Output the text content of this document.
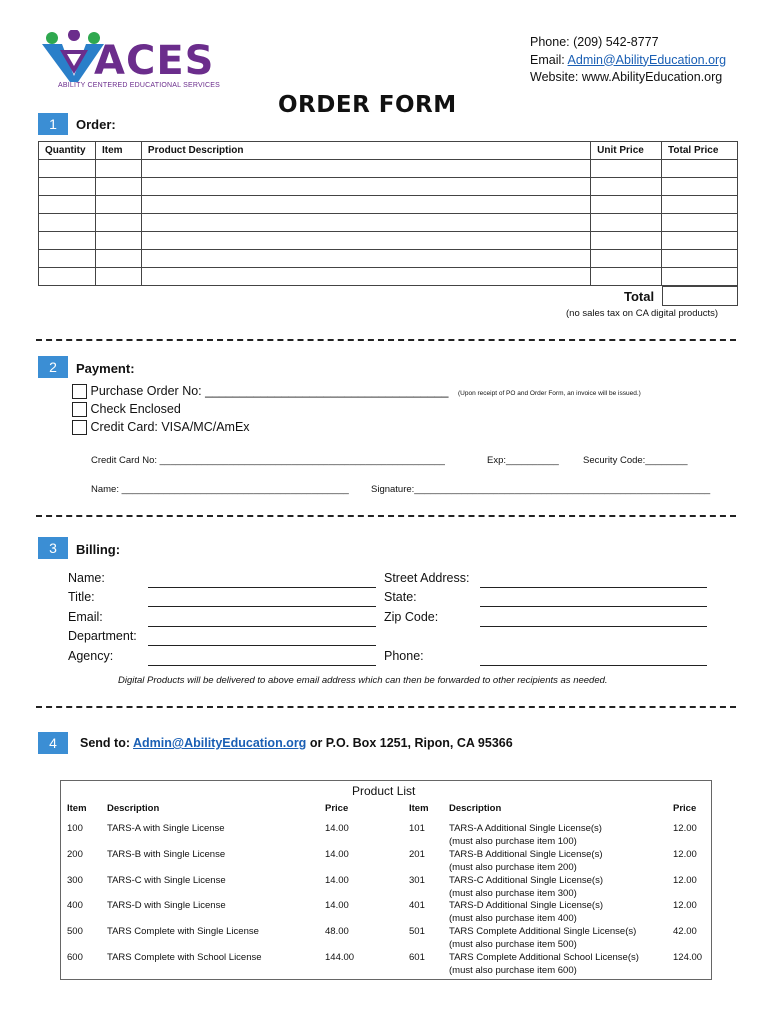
ACES
ABILITY CENTERED EDUCATIONAL SERVICES
Phone: (209) 542-8777
Email: Admin@AbilityEducation.org
Website: www.AbilityEducation.org
ORDER FORM
1	Order:
Quantity	Item	Product Description	Unit Price	Total Price

Total
(no sales tax on CA digital products)
2	Payment:
Purchase Order No: ___________________________________
Check Enclosed
Credit Card: VISA/MC/AmEx
(Upon receipt of PO and Order Form, an invoice will be issued.)
Credit Card No: ______________________________________________________	Exp:__________	Security Code:________
Name: ___________________________________________ Signature:________________________________________________________
3	Billing:
Name:
Title:
Email:
Department:
Agency:
Street Address:
State:
Zip Code:
Phone:
Digital Products will be delivered to above email address which can then be forwarded to other recipients as needed.
4	Send to: Admin@AbilityEducation.org or P.O. Box 1251, Ripon, CA 95366
Product List
Item Description	Price	Item Description	Price
100	TARS-A with Single License	14.00	101	TARS-A Additional Single License(s)	12.00
(must also purchase item 100)
200	TARS-B with Single License	14.00	201	TARS-B Additional Single License(s)	12.00
(must also purchase item 200)
300	TARS-C with Single License	14.00	301	TARS-C Additional Single License(s)	12.00
(must also purchase item 300)
400	TARS-D with Single License	14.00	401	TARS-D Additional Single License(s)	12.00
(must also purchase item 400)
500	TARS Complete with Single License	48.00	501	TARS Complete Additional Single License(s)	42.00
(must also purchase item 500)
600	TARS Complete with School License	144.00	601	TARS Complete Additional School License(s)	124.00
(must also purchase item 600)
